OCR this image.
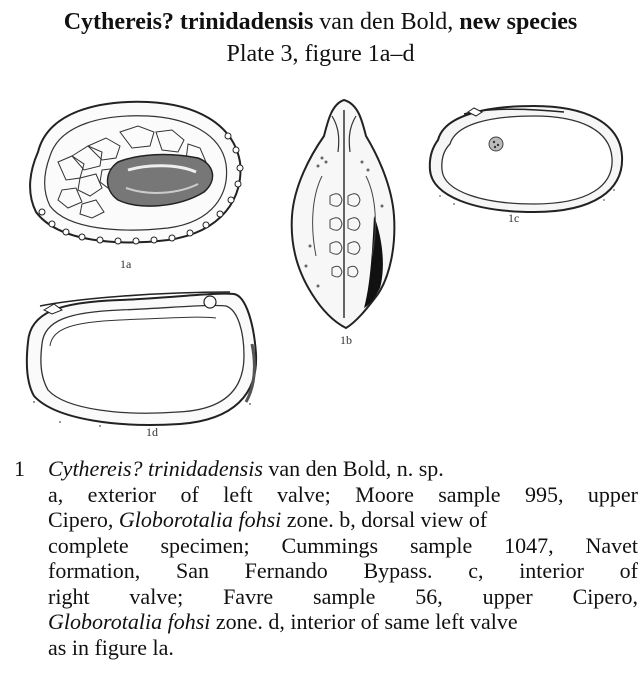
Cythereis? trinidadensis van den Bold, new species
Plate 3, figure 1a–d
1a
1b
1c
1d
1 Cythereis? trinidadensis van den Bold, n. sp.
a, exterior of left valve; Moore sample 995, upper
Cipero, Globorotalia fohsi zone. b, dorsal view of
complete specimen; Cummings sample 1047, Navet
formation, San Fernando Bypass. c, interior of
right valve; Favre sample 56, upper Cipero,
Globorotalia fohsi zone. d, interior of same left valve
as in figure la.
